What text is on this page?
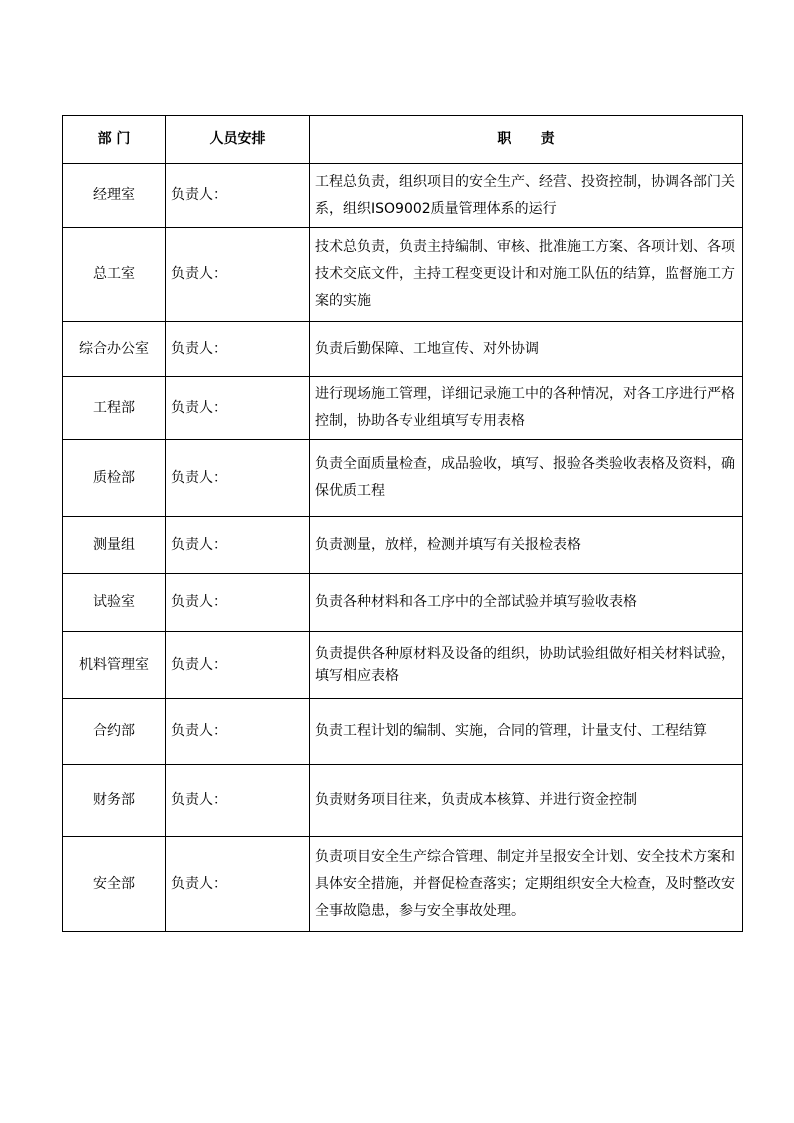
部 门	人员安排	职      责
经理室	负责人：	工程总负责，组织项目的安全生产、经营、投资控制，协调各部门关系，组织ISO9002质量管理体系的运行
总工室	负责人：	技术总负责，负责主持编制、审核、批准施工方案、各项计划、各项技术交底文件，主持工程变更设计和对施工队伍的结算，监督施工方案的实施
综合办公室	负责人：	负责后勤保障、工地宣传、对外协调
工程部	负责人：	进行现场施工管理，详细记录施工中的各种情况，对各工序进行严格控制，协助各专业组填写专用表格
质检部	负责人：	负责全面质量检查，成品验收，填写、报验各类验收表格及资料，确保优质工程
测量组	负责人：	负责测量，放样，检测并填写有关报检表格
试验室	负责人：	负责各种材料和各工序中的全部试验并填写验收表格
机料管理室	负责人：	负责提供各种原材料及设备的组织，协助试验组做好相关材料试验，填写相应表格
合约部	负责人：	负责工程计划的编制、实施，合同的管理，计量支付、工程结算
财务部	负责人：	负责财务项目往来，负责成本核算、并进行资金控制
安全部	负责人：	负责项目安全生产综合管理、制定并呈报安全计划、安全技术方案和具体安全措施，并督促检查落实；定期组织安全大检查，及时整改安全事故隐患，参与安全事故处理。
